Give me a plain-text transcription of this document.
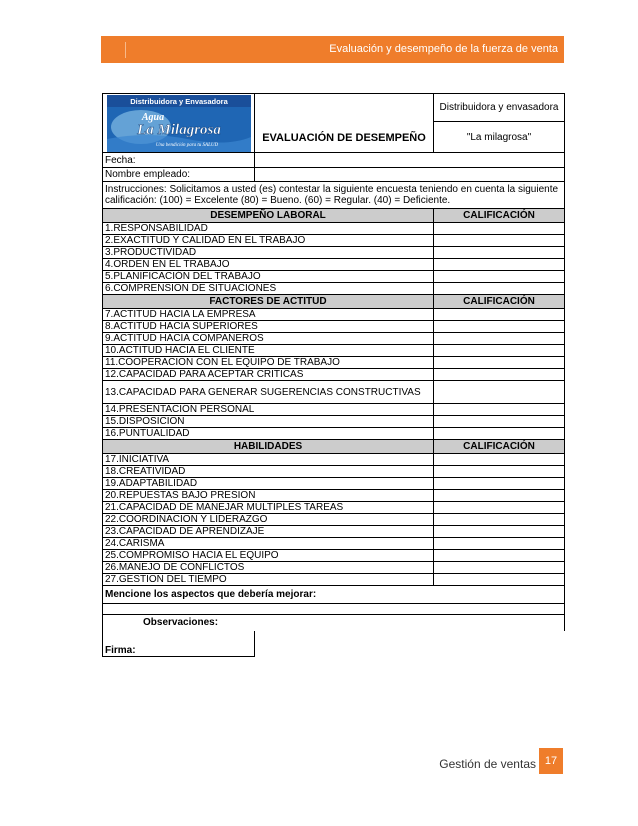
Evaluación y desempeño de la fuerza de venta
	EVALUACIÓN DE DESEMPEÑO	Distribuidora y envasadora
		"La milagrosa"
Fecha:		
Nombre empleado:		
Instrucciones: Solicitamos a usted (es) contestar la siguiente encuesta teniendo en cuenta la siguiente calificación: (100) = Excelente (80) = Bueno. (60) = Regular. (40) = Deficiente.		
DESEMPEÑO LABORAL		CALIFICACIÓN
1.RESPONSABILIDAD		
2.EXACTITUD Y CALIDAD EN EL TRABAJO		
3.PRODUCTIVIDAD		
4.ORDEN EN EL TRABAJO		
5.PLANIFICACIÓN DEL TRABAJO		
6.COMPRENSION DE SITUACIONES		
FACTORES DE ACTITUD		CALIFICACIÓN
7.ACTITUD HACIA LA EMPRESA		
8.ACTITUD HACIA SUPERIORES		
9.ACTITUD HACIA COMPAÑEROS		
10.ACTITUD HACIA EL CLIENTE		
11.COOPERACION CON EL EQUIPO DE TRABAJO		
12.CAPACIDAD PARA ACEPTAR CRITICAS		
13.CAPACIDAD PARA GENERAR SUGERENCIAS CONSTRUCTIVAS		
14.PRESENTACION PERSONAL		
15.DISPOSICION		
16.PUNTUALIDAD		
HABILIDADES		CALIFICACIÓN
17.INICIATIVA		
18.CREATIVIDAD		
19.ADAPTABILIDAD		
20.REPUESTAS BAJO PRESION		
21.CAPACIDAD DE MANEJAR MULTIPLES TAREAS		
22.COORDINACION Y LIDERAZGO		
23.CAPACIDAD DE APRENDIZAJE		
24.CARISMA		
25.COMPROMISO HACIA EL EQUIPO		
26.MANEJO DE CONFLICTOS		
27.GESTION DEL TIEMPO		
Mencione los aspectos que debería mejorar:		

Observaciones:		
Firma:		
Distribuidora y Envasadora
Agua
La Milagrosa
Una bendición para tu SALUD
Gestión de ventas 17
